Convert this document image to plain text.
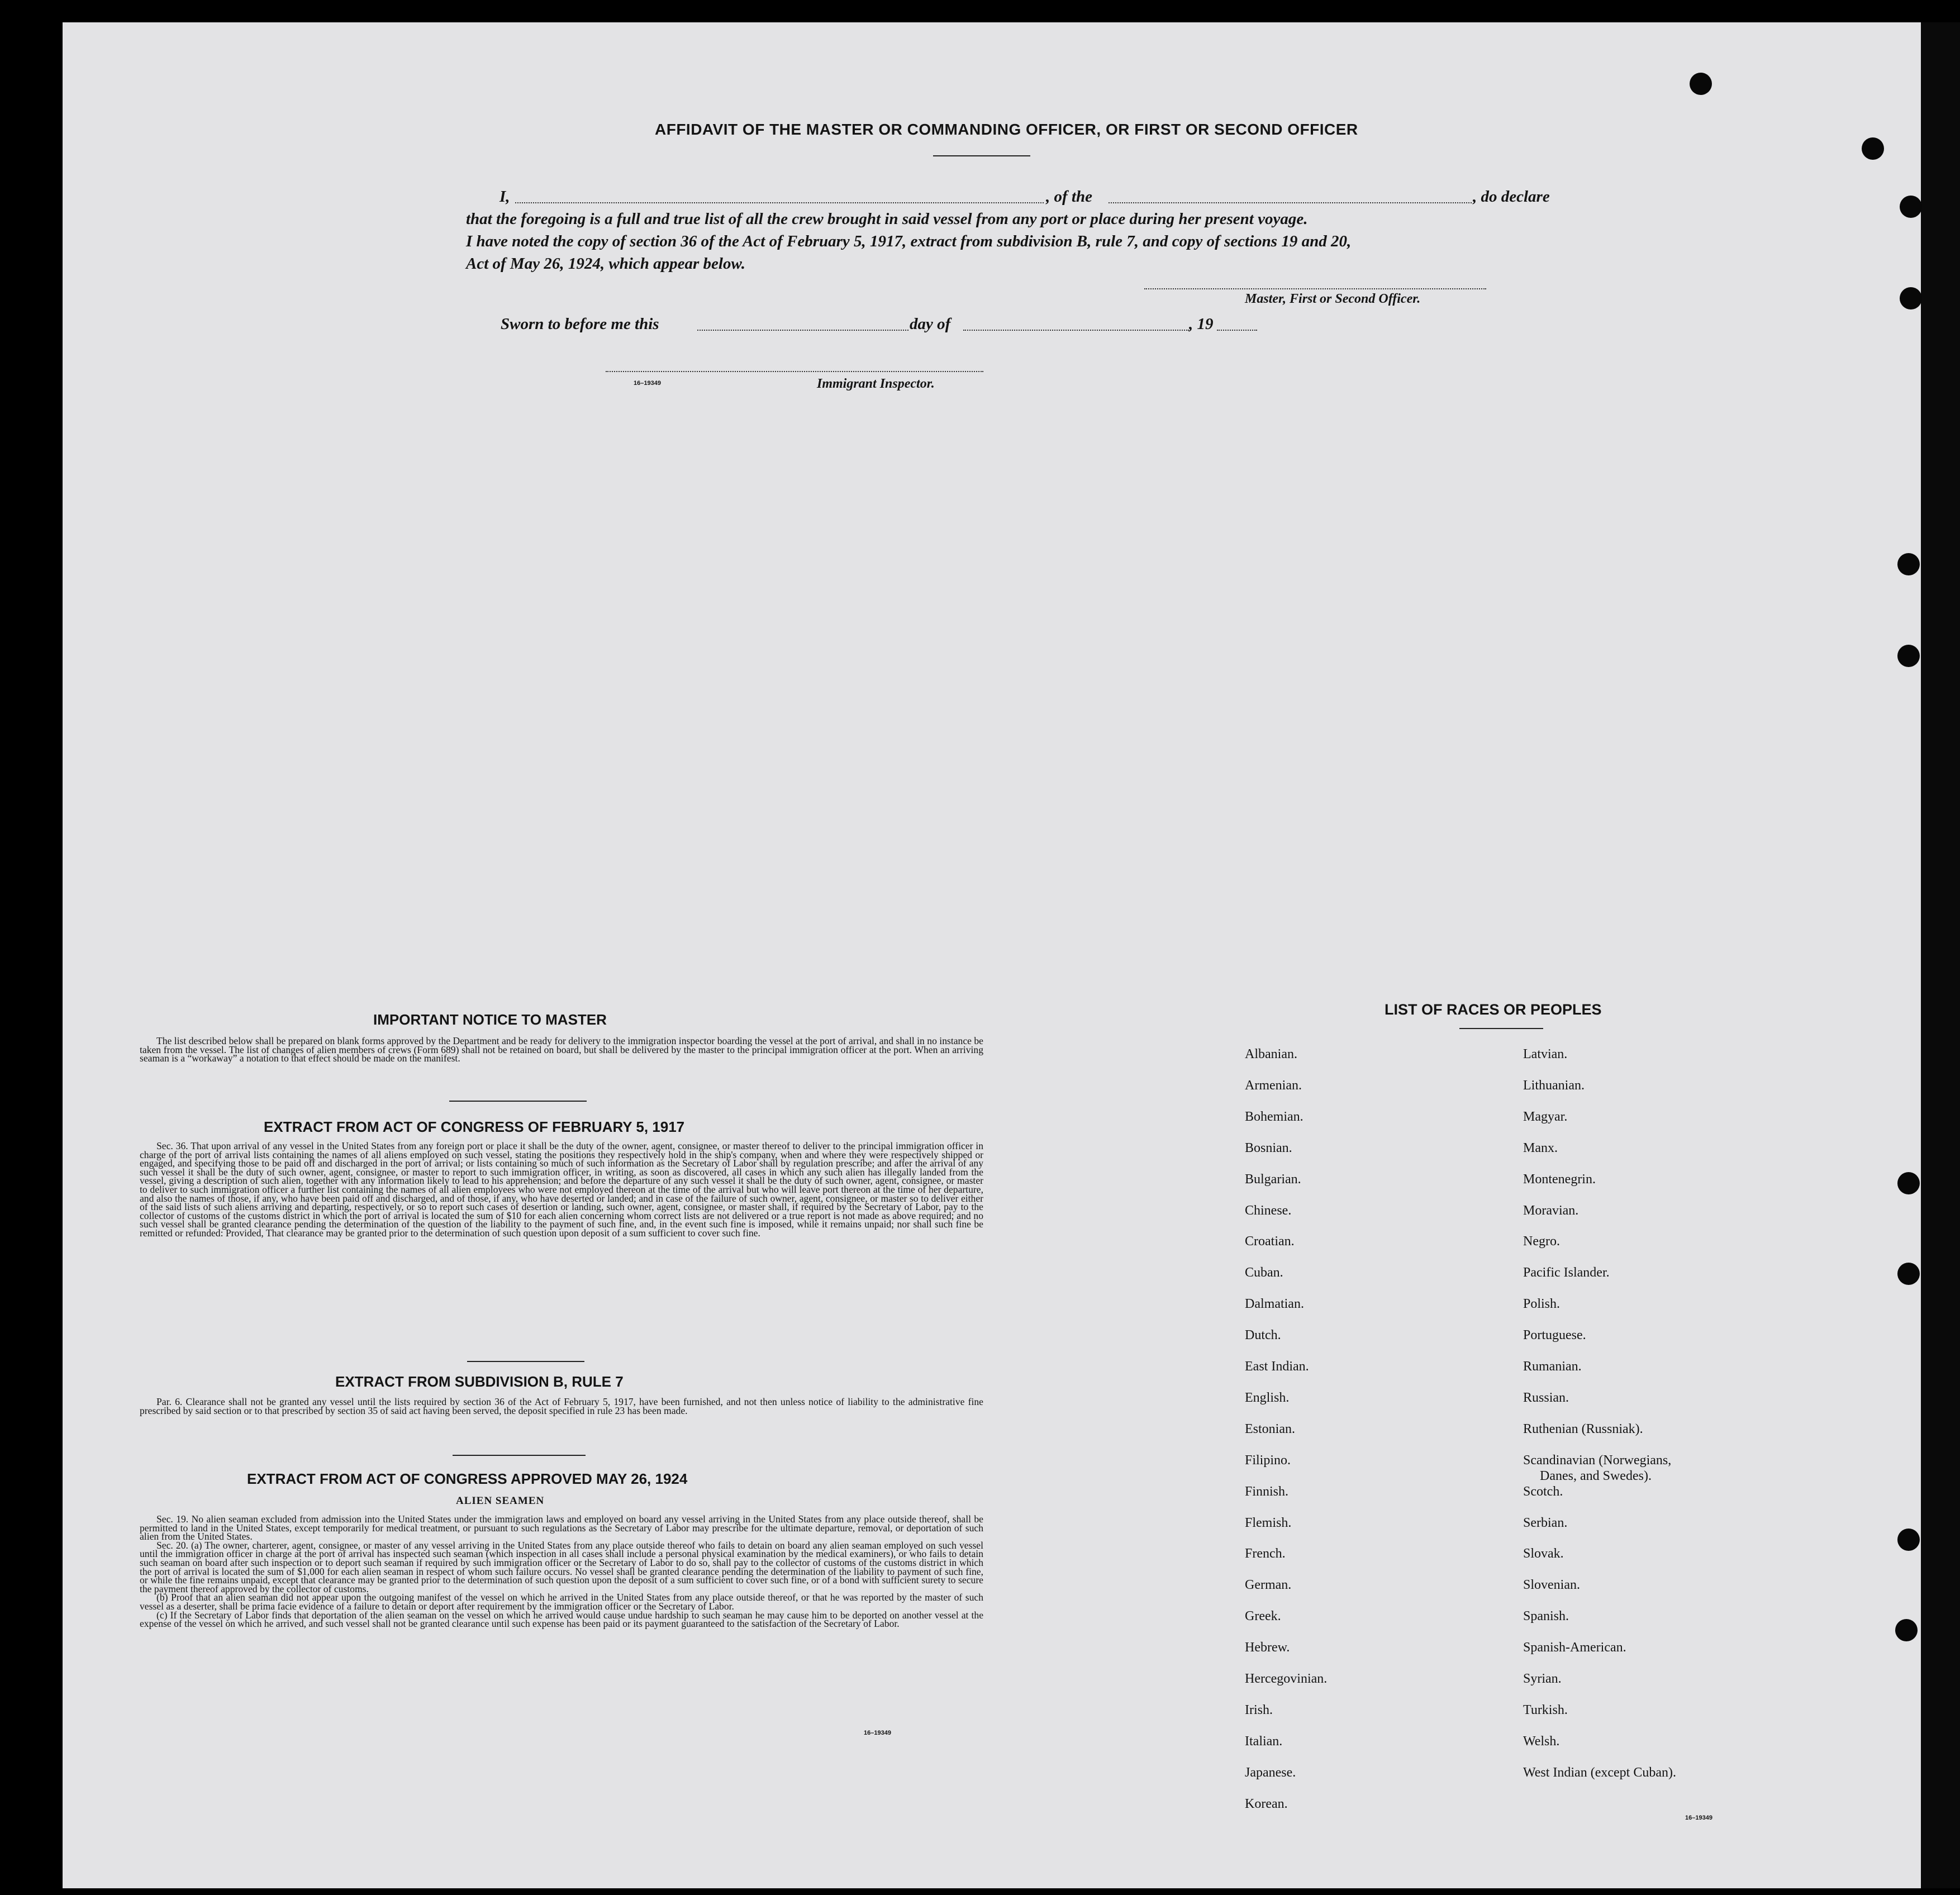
AFFIDAVIT OF THE MASTER OR COMMANDING OFFICER, OR FIRST OR SECOND OFFICER
I,	, of the	, do declare
that the foregoing is a full and true list of all the crew brought in said vessel from any port or place during her present voyage.
I have noted the copy of section 36 of the Act of February 5, 1917, extract from subdivision B, rule 7, and copy of sections 19 and 20,
Act of May 26, 1924, which appear below.
Master, First or Second Officer.
Sworn to before me this	day of	, 19
16–19349	Immigrant Inspector.
IMPORTANT NOTICE TO MASTER

The list described below shall be prepared on blank forms approved by the Department and be ready for delivery to the immigration inspector boarding the vessel at the port of arrival, and shall in no instance be taken from the vessel. The list of changes of alien members of crews (Form 689) shall not be retained on board, but shall be delivered by the master to the principal immigration officer at the port. When an arriving seaman is a “workaway” a notation to that effect should be made on the manifest.

EXTRACT FROM ACT OF CONGRESS OF FEBRUARY 5, 1917

Sec. 36. That upon arrival of any vessel in the United States from any foreign port or place it shall be the duty of the owner, agent, consignee, or master thereof to deliver to the principal immigration officer in charge of the port of arrival lists containing the names of all aliens employed on such vessel, stating the positions they respectively hold in the ship's company, when and where they were respectively shipped or engaged, and specifying those to be paid off and discharged in the port of arrival; or lists containing so much of such information as the Secretary of Labor shall by regulation prescribe; and after the arrival of any such vessel it shall be the duty of such owner, agent, consignee, or master to report to such immigration officer, in writing, as soon as discovered, all cases in which any such alien has illegally landed from the vessel, giving a description of such alien, together with any information likely to lead to his apprehension; and before the departure of any such vessel it shall be the duty of such owner, agent, consignee, or master to deliver to such immigration officer a further list containing the names of all alien employees who were not employed thereon at the time of the arrival but who will leave port thereon at the time of her departure, and also the names of those, if any, who have been paid off and discharged, and of those, if any, who have deserted or landed; and in case of the failure of such owner, agent, consignee, or master so to deliver either of the said lists of such aliens arriving and departing, respectively, or so to report such cases of desertion or landing, such owner, agent, consignee, or master shall, if required by the Secretary of Labor, pay to the collector of customs of the customs district in which the port of arrival is located the sum of $10 for each alien concerning whom correct lists are not delivered or a true report is not made as above required; and no such vessel shall be granted clearance pending the determination of the question of the liability to the payment of such fine, and, in the event such fine is imposed, while it remains unpaid; nor shall such fine be remitted or refunded: Provided, That clearance may be granted prior to the determination of such question upon deposit of a sum sufficient to cover such fine.

EXTRACT FROM SUBDIVISION B, RULE 7

Par. 6. Clearance shall not be granted any vessel until the lists required by section 36 of the Act of February 5, 1917, have been furnished, and not then unless notice of liability to the administrative fine prescribed by said section or to that prescribed by section 35 of said act having been served, the deposit specified in rule 23 has been made.

EXTRACT FROM ACT OF CONGRESS APPROVED MAY 26, 1924
ALIEN SEAMEN

Sec. 19. No alien seaman excluded from admission into the United States under the immigration laws and employed on board any vessel arriving in the United States from any place outside thereof, shall be permitted to land in the United States, except temporarily for medical treatment, or pursuant to such regulations as the Secretary of Labor may prescribe for the ultimate departure, removal, or deportation of such alien from the United States.

Sec. 20. (a) The owner, charterer, agent, consignee, or master of any vessel arriving in the United States from any place outside thereof who fails to detain on board any alien seaman employed on such vessel until the immigration officer in charge at the port of arrival has inspected such seaman (which inspection in all cases shall include a personal physical examination by the medical examiners), or who fails to detain such seaman on board after such inspection or to deport such seaman if required by such immigration officer or the Secretary of Labor to do so, shall pay to the collector of customs of the customs district in which the port of arrival is located the sum of $1,000 for each alien seaman in respect of whom such failure occurs. No vessel shall be granted clearance pending the determination of the liability to payment of such fine, or while the fine remains unpaid, except that clearance may be granted prior to the determination of such question upon the deposit of a sum sufficient to cover such fine, or of a bond with sufficient surety to secure the payment thereof approved by the collector of customs.

(b) Proof that an alien seaman did not appear upon the outgoing manifest of the vessel on which he arrived in the United States from any place outside thereof, or that he was reported by the master of such vessel as a deserter, shall be prima facie evidence of a failure to detain or deport after requirement by the immigration officer or the Secretary of Labor.

(c) If the Secretary of Labor finds that deportation of the alien seaman on the vessel on which he arrived would cause undue hardship to such seaman he may cause him to be deported on another vessel at the expense of the vessel on which he arrived, and such vessel shall not be granted clearance until such expense has been paid or its payment guaranteed to the satisfaction of the Secretary of Labor.

16–19349
LIST OF RACES OR PEOPLES
16–19349
Albanian.
Armenian.
Bohemian.
Bosnian.
Bulgarian.
Chinese.
Croatian.
Cuban.
Dalmatian.
Dutch.
East Indian.
English.
Estonian.
Filipino.
Finnish.
Flemish.
French.
German.
Greek.
Hebrew.
Hercegovinian.
Irish.
Italian.
Japanese.
Korean.
Latvian.
Lithuanian.
Magyar.
Manx.
Montenegrin.
Moravian.
Negro.
Pacific Islander.
Polish.
Portuguese.
Rumanian.
Russian.
Ruthenian (Russniak).
Scandinavian (Norwegians,
Danes, and Swedes).
Scotch.
Serbian.
Slovak.
Slovenian.
Spanish.
Spanish-American.
Syrian.
Turkish.
Welsh.
West Indian (except Cuban).
